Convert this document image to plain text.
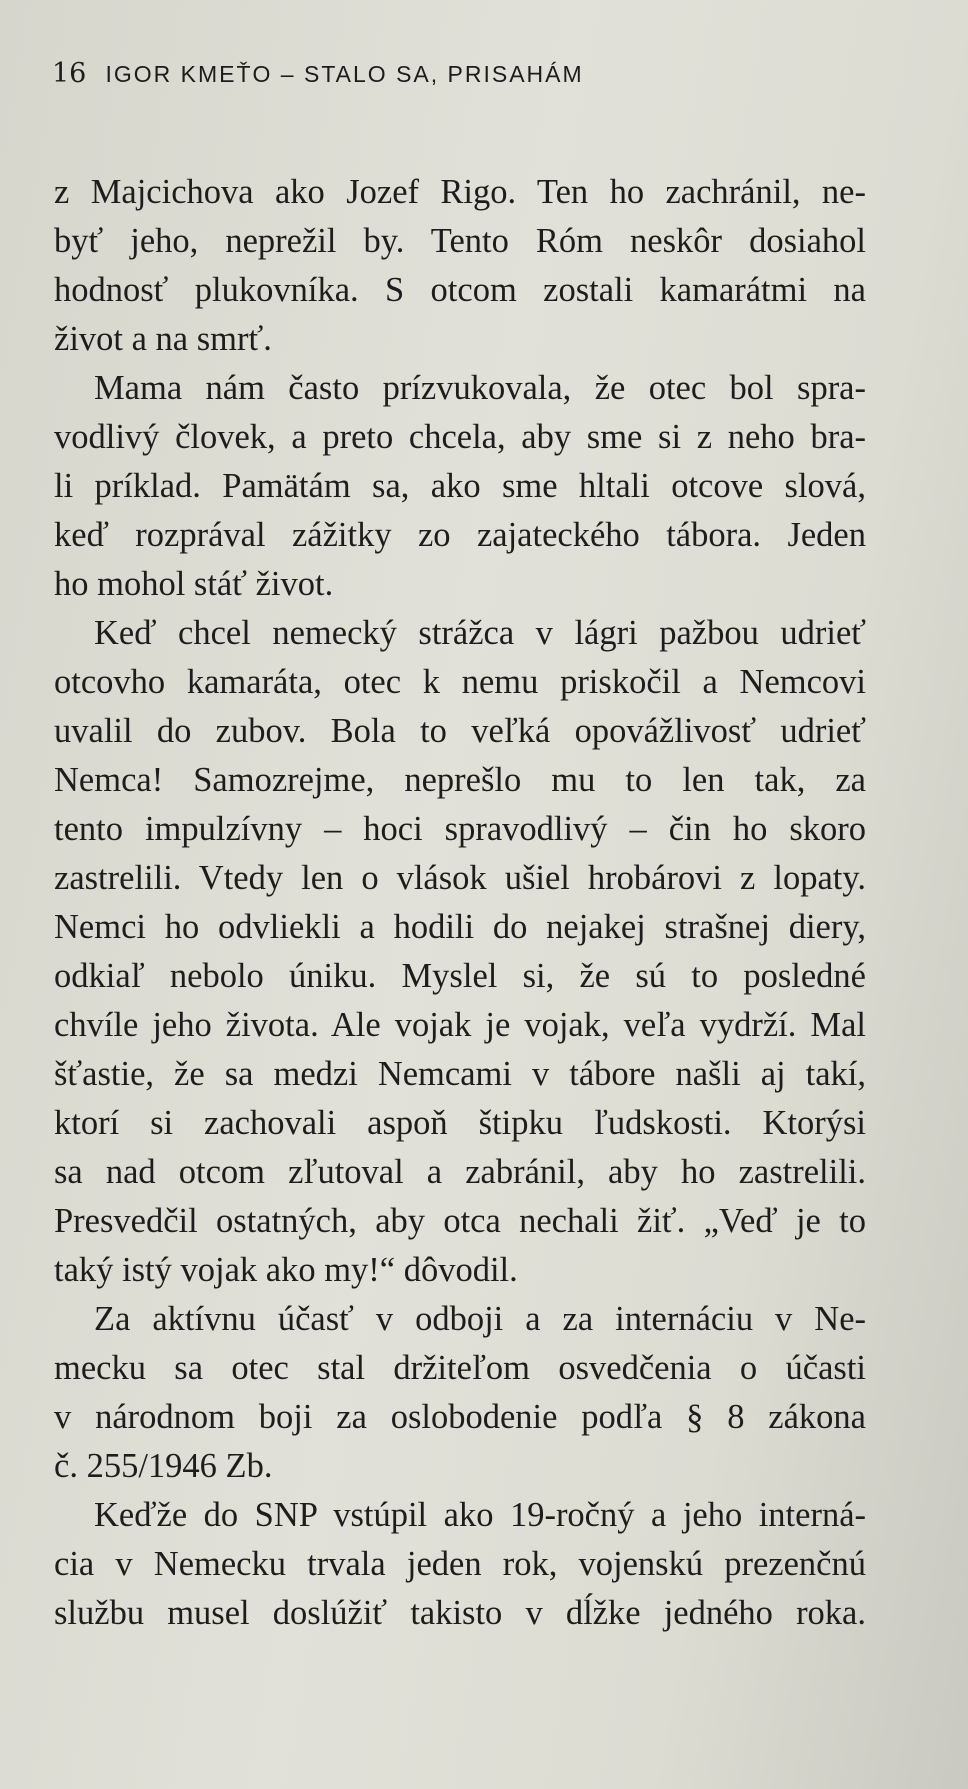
16 IGOR KMEŤO – STALO SA, PRISAHÁM
z Majcichova ako Jozef Rigo. Ten ho zachránil, ne-
byť jeho, neprežil by. Tento Róm neskôr dosiahol
hodnosť plukovníka. S otcom zostali kamarátmi na
život a na smrť.
Mama nám často prízvukovala, že otec bol spra-
vodlivý človek, a preto chcela, aby sme si z neho bra-
li príklad. Pamätám sa, ako sme hltali otcove slová,
keď rozprával zážitky zo zajateckého tábora. Jeden
ho mohol stáť život.
Keď chcel nemecký strážca v lágri pažbou udrieť
otcovho kamaráta, otec k nemu priskočil a Nemcovi
uvalil do zubov. Bola to veľká opovážlivosť udrieť
Nemca! Samozrejme, neprešlo mu to len tak, za
tento impulzívny – hoci spravodlivý – čin ho skoro
zastrelili. Vtedy len o vlások ušiel hrobárovi z lopaty.
Nemci ho odvliekli a hodili do nejakej strašnej diery,
odkiaľ nebolo úniku. Myslel si, že sú to posledné
chvíle jeho života. Ale vojak je vojak, veľa vydrží. Mal
šťastie, že sa medzi Nemcami v tábore našli aj takí,
ktorí si zachovali aspoň štipku ľudskosti. Ktorýsi
sa nad otcom zľutoval a zabránil, aby ho zastrelili.
Presvedčil ostatných, aby otca nechali žiť. „Veď je to
taký istý vojak ako my!“ dôvodil.
Za aktívnu účasť v odboji a za internáciu v Ne-
mecku sa otec stal držiteľom osvedčenia o účasti
v národnom boji za oslobodenie podľa § 8 zákona
č. 255/1946 Zb.
Keďže do SNP vstúpil ako 19-ročný a jeho interná-
cia v Nemecku trvala jeden rok, vojenskú prezenčnú
službu musel doslúžiť takisto v dĺžke jedného roka.
